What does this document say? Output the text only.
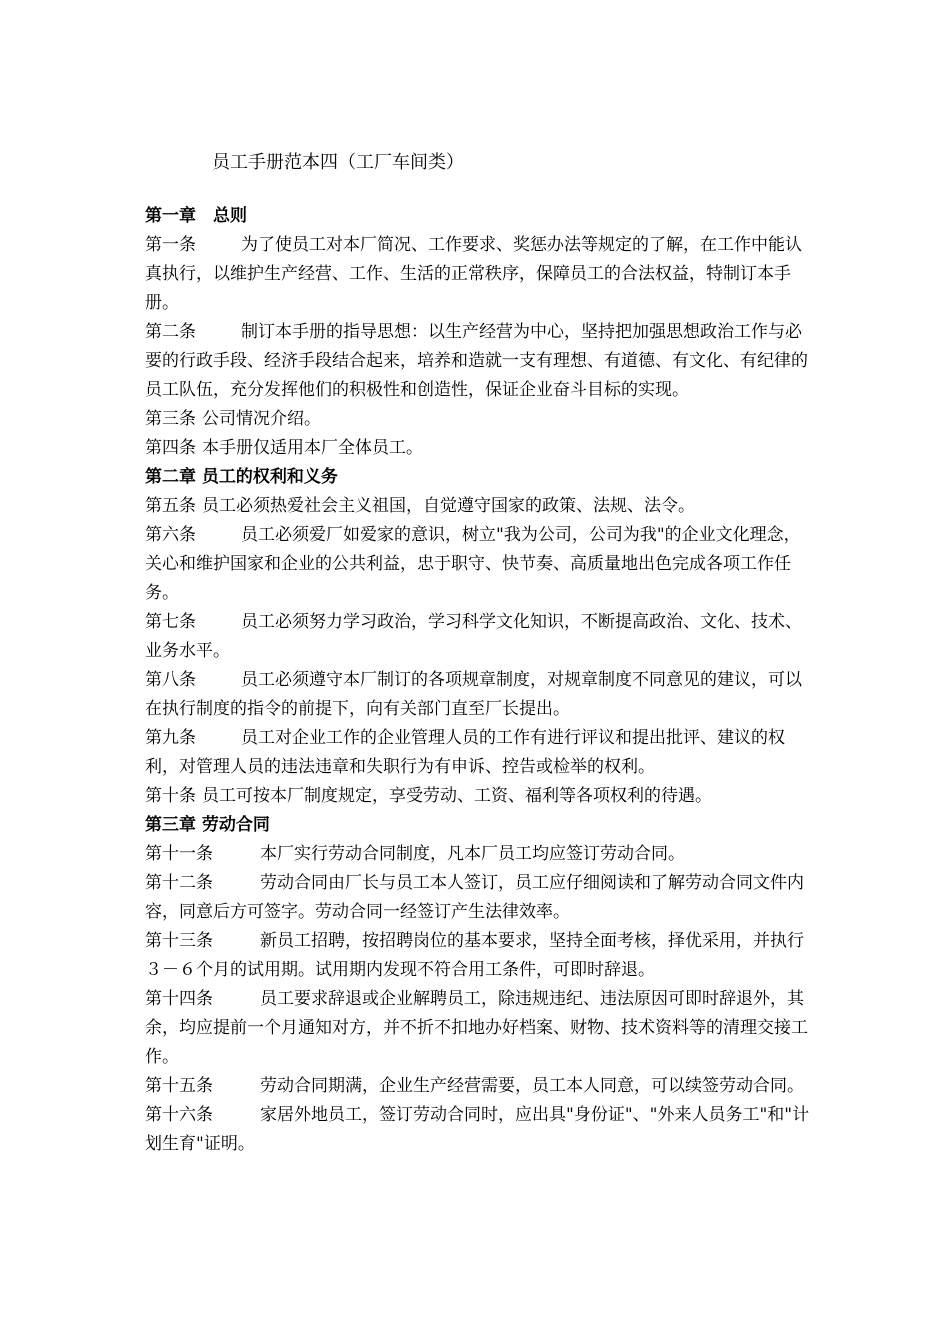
员工手册范本四（工厂车间类）
第一章　总则

第一条	为了使员工对本厂简况、工作要求、奖惩办法等规定的了解，在工作中能认真执行，以维护生产经营、工作、生活的正常秩序，保障员工的合法权益，特制订本手册。

第二条	制订本手册的指导思想：以生产经营为中心，坚持把加强思想政治工作与必要的行政手段、经济手段结合起来，培养和造就一支有理想、有道德、有文化、有纪律的员工队伍，充分发挥他们的积极性和创造性，保证企业奋斗目标的实现。

第三条 公司情况介绍。

第四条 本手册仅适用本厂全体员工。

第二章 员工的权利和义务

第五条 员工必须热爱社会主义祖国，自觉遵守国家的政策、法规、法令。

第六条	员工必须爱厂如爱家的意识，树立"我为公司，公司为我"的企业文化理念，关心和维护国家和企业的公共利益，忠于职守、快节奏、高质量地出色完成各项工作任务。

第七条	员工必须努力学习政治，学习科学文化知识，不断提高政治、文化、技术、业务水平。

第八条	员工必须遵守本厂制订的各项规章制度，对规章制度不同意见的建议，可以在执行制度的指令的前提下，向有关部门直至厂长提出。

第九条	员工对企业工作的企业管理人员的工作有进行评议和提出批评、建议的权利，对管理人员的违法违章和失职行为有申诉、控告或检举的权利。

第十条 员工可按本厂制度规定，享受劳动、工资、福利等各项权利的待遇。

第三章 劳动合同

第十一条	本厂实行劳动合同制度，凡本厂员工均应签订劳动合同。

第十二条	劳动合同由厂长与员工本人签订，员工应仔细阅读和了解劳动合同文件内容，同意后方可签字。劳动合同一经签订产生法律效率。

第十三条	新员工招聘，按招聘岗位的基本要求，坚持全面考核，择优采用，并执行３－６个月的试用期。试用期内发现不符合用工条件，可即时辞退。

第十四条	员工要求辞退或企业解聘员工，除违规违纪、违法原因可即时辞退外，其余，均应提前一个月通知对方，并不折不扣地办好档案、财物、技术资料等的清理交接工作。

第十五条	劳动合同期满，企业生产经营需要，员工本人同意，可以续签劳动合同。

第十六条	家居外地员工，签订劳动合同时，应出具"身份证"、"外来人员务工"和"计划生育"证明。
